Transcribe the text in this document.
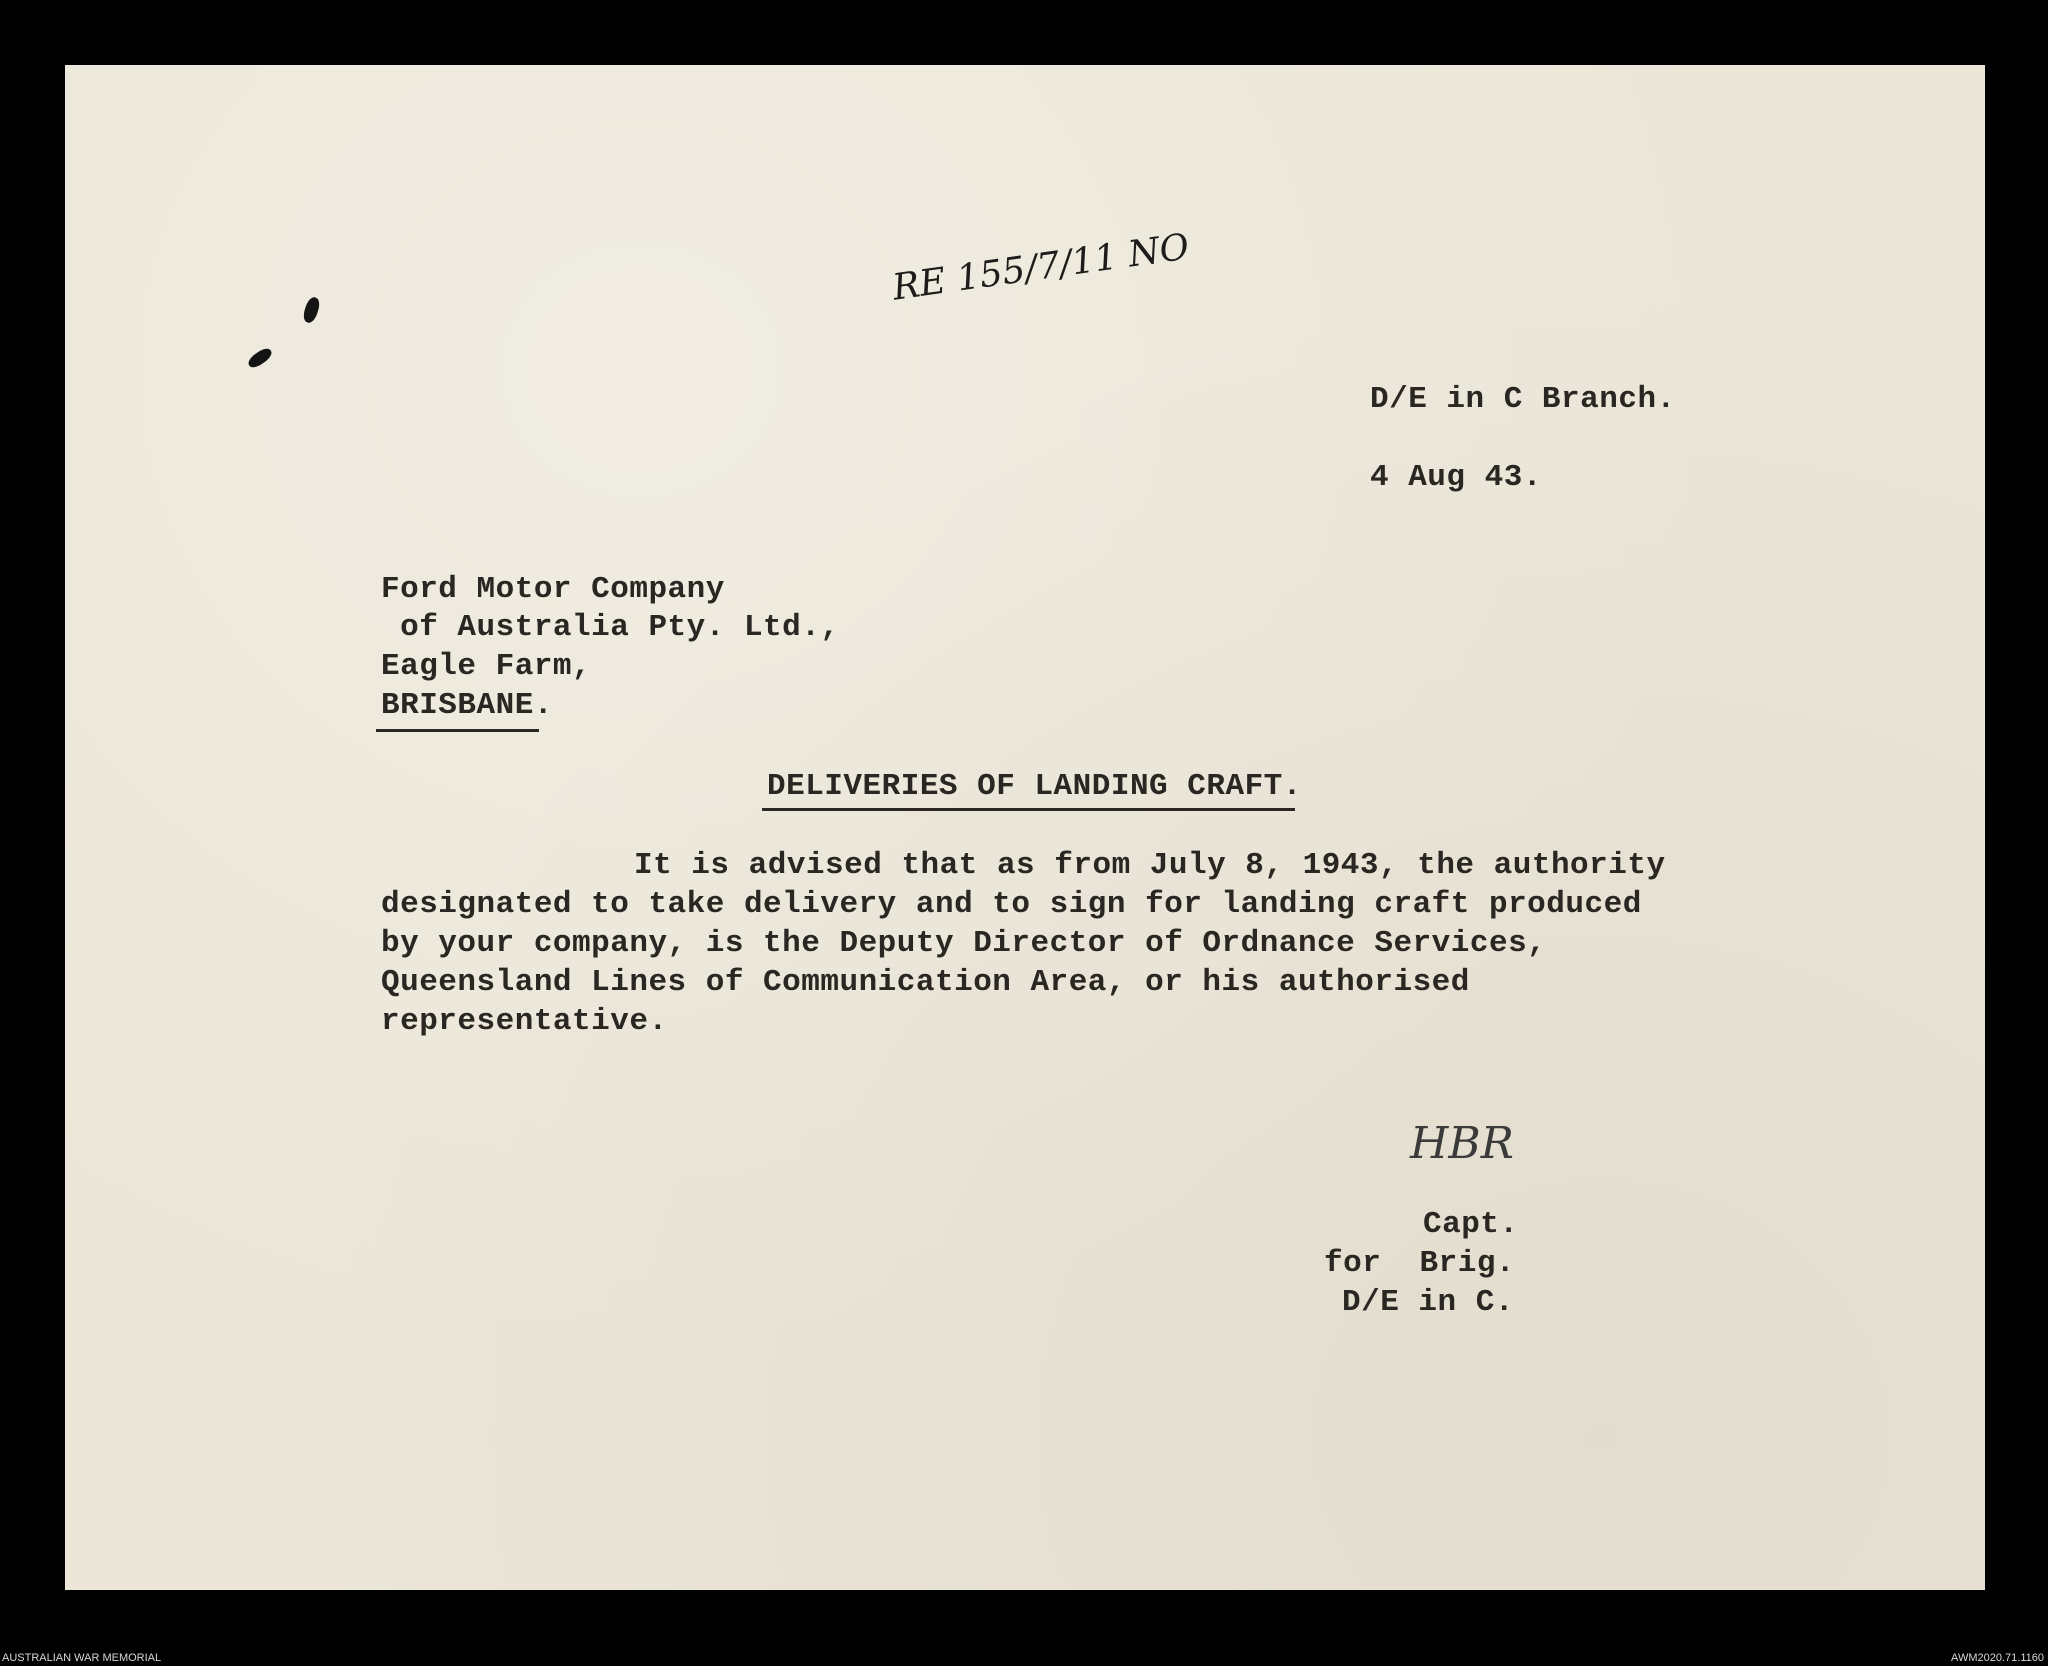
RE 155/7/11 NO
D/E in C Branch.
4 Aug 43.
Ford Motor Company
of Australia Pty. Ltd.,
Eagle Farm,
BRISBANE.
DELIVERIES OF LANDING CRAFT.
It is advised that as from July 8, 1943, the authority
designated to take delivery and to sign for landing craft produced
by your company, is the Deputy Director of Ordnance Services,
Queensland Lines of Communication Area, or his authorised
representative.
HBR
Capt.
for  Brig.
D/E in C.
AUSTRALIAN WAR MEMORIAL	AWM2020.71.1160
